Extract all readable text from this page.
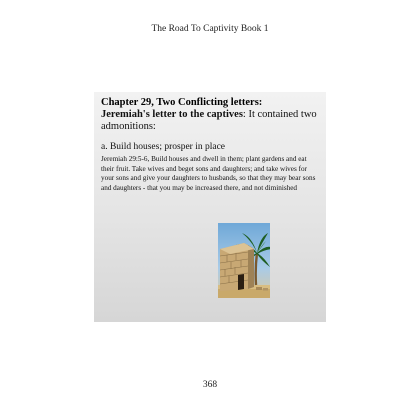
The Road To Captivity Book 1
Chapter 29, Two Conflicting letters:
Jeremiah's letter to the captives: It contained two admonitions:
a. Build houses; prosper in place
Jeremiah 29:5-6, Build houses and dwell in them; plant gardens and eat their fruit. Take wives and beget sons and daughters; and take wives for your sons and give your daughters to husbands, so that they may bear sons and daughters - that you may be increased there, and not diminished
368
